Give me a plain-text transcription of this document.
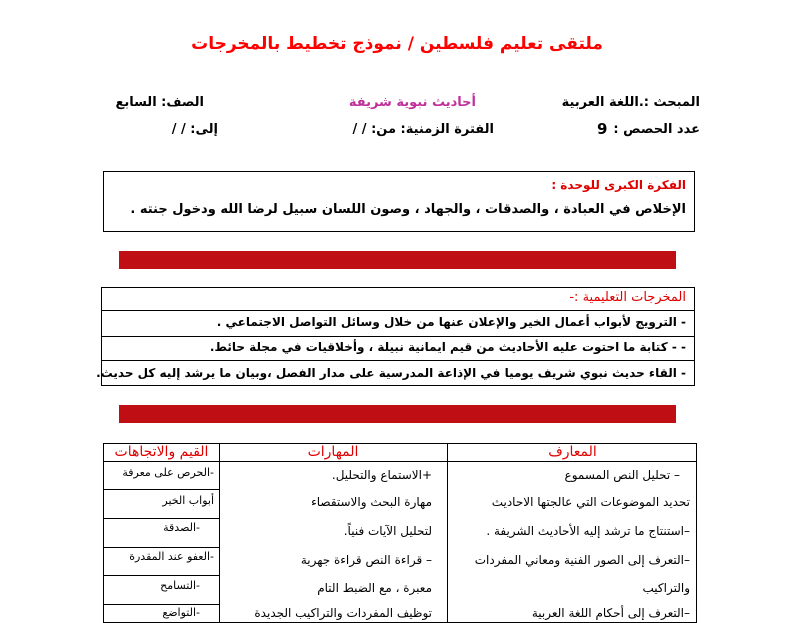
ملتقى تعليم فلسطين / نموذج تخطيط بالمخرجات
المبحث :.اللغة العربية
أحاديث نبوية شريفة
الصف: السابع
عدد الحصص :
9
الفترة الزمنية: من: / /
إلى: / /
الفكرة الكبرى للوحدة :
الإخلاص في العبادة ، والصدقات ، والجهاد ، وصون اللسان سبيل لرضا الله ودخول جنته .
المخرجات التعليمية :-
- الترويج لأبواب أعمال الخير والإعلان عنها من خلال وسائل التواصل الاجتماعي .
- - كتابة ما احتوت عليه الأحاديث من قيم ايمانية نبيلة ، وأخلاقيات في مجلة حائط.
- القاء حديث نبوي شريف يوميا في الإذاعة المدرسية على مدار الفصل ،وبيان ما يرشد إليه كل حديث.
المعارف
المهارات
القيم والاتجاهات
– تحليل النص المسموع
تحديد الموضوعات التي عالجتها الاحاديث
–استنتاج ما ترشد إليه الأحاديث الشريفة .
–التعرف إلى الصور الفنية ومعاني المفردات
والتراكيب
–التعرف إلى أحكام اللغة العربية
+الاستماع والتحليل.
مهارة البحث والاستقصاء
لتحليل الآيات فنياً.
– قراءة النص قراءة جهرية
معبرة ، مع الضبط التام
توظيف المفردات والتراكيب الجديدة
-الحرص على معرفة
أبواب الخير
-الصدقة
-العفو عند المقدرة
-التسامح
-التواضع
